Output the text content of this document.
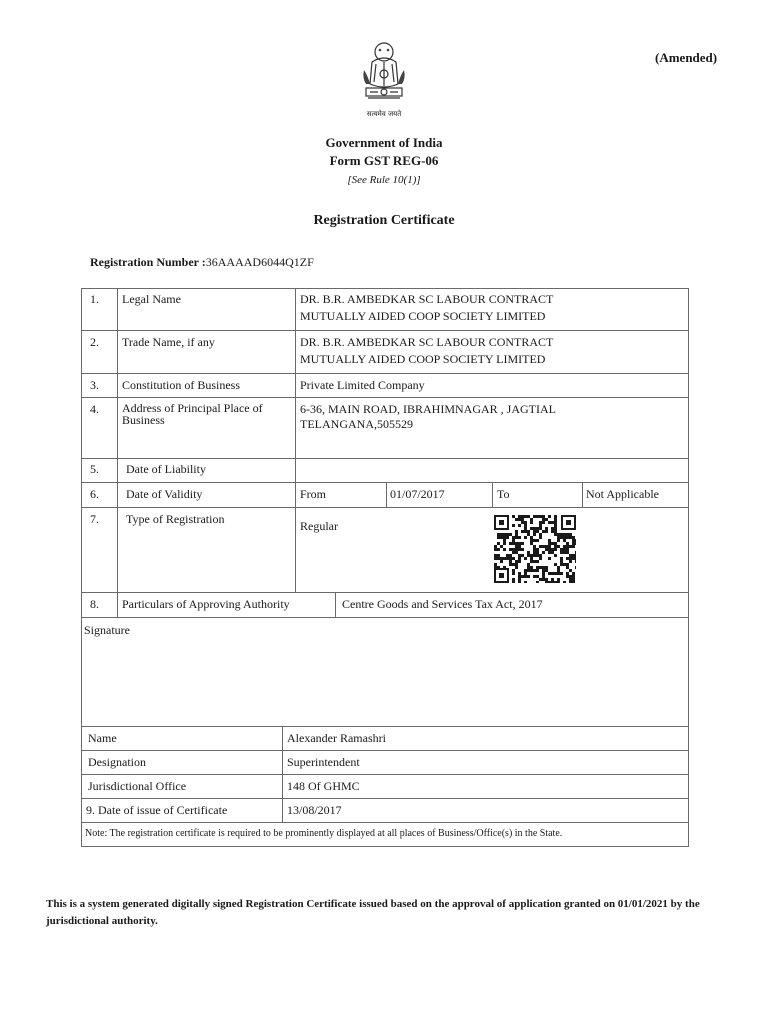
(Amended)
सत्यमेव जयते
Government of India
Form GST REG-06
[See Rule 10(1)]
Registration Certificate
Registration Number :36AAAAD6044Q1ZF
1. Legal Name	DR. B.R. AMBEDKAR SC LABOUR CONTRACT
MUTUALLY AIDED COOP SOCIETY LIMITED
2. Trade Name, if any	DR. B.R. AMBEDKAR SC LABOUR CONTRACT
MUTUALLY AIDED COOP SOCIETY LIMITED
3. Constitution of Business	Private Limited Company
4. Address of Principal Place of
Business
6-36, MAIN ROAD, IBRAHIMNAGAR , JAGTIAL
TELANGANA,505529
5. Date of Liability
6. Date of Validity	From	01/07/2017	To	Not Applicable
7. Type of Registration	Regular
8. Particulars of Approving Authority	Centre Goods and Services Tax Act, 2017
Signature
Name	Alexander Ramashri
Designation	Superintendent
Jurisdictional Office	148 Of GHMC
9. Date of issue of Certificate	13/08/2017
Note: The registration certificate is required to be prominently displayed at all places of Business/Office(s) in the State.
This is a system generated digitally signed Registration Certificate issued based on the approval of application granted on 01/01/2021 by the jurisdictional authority.
